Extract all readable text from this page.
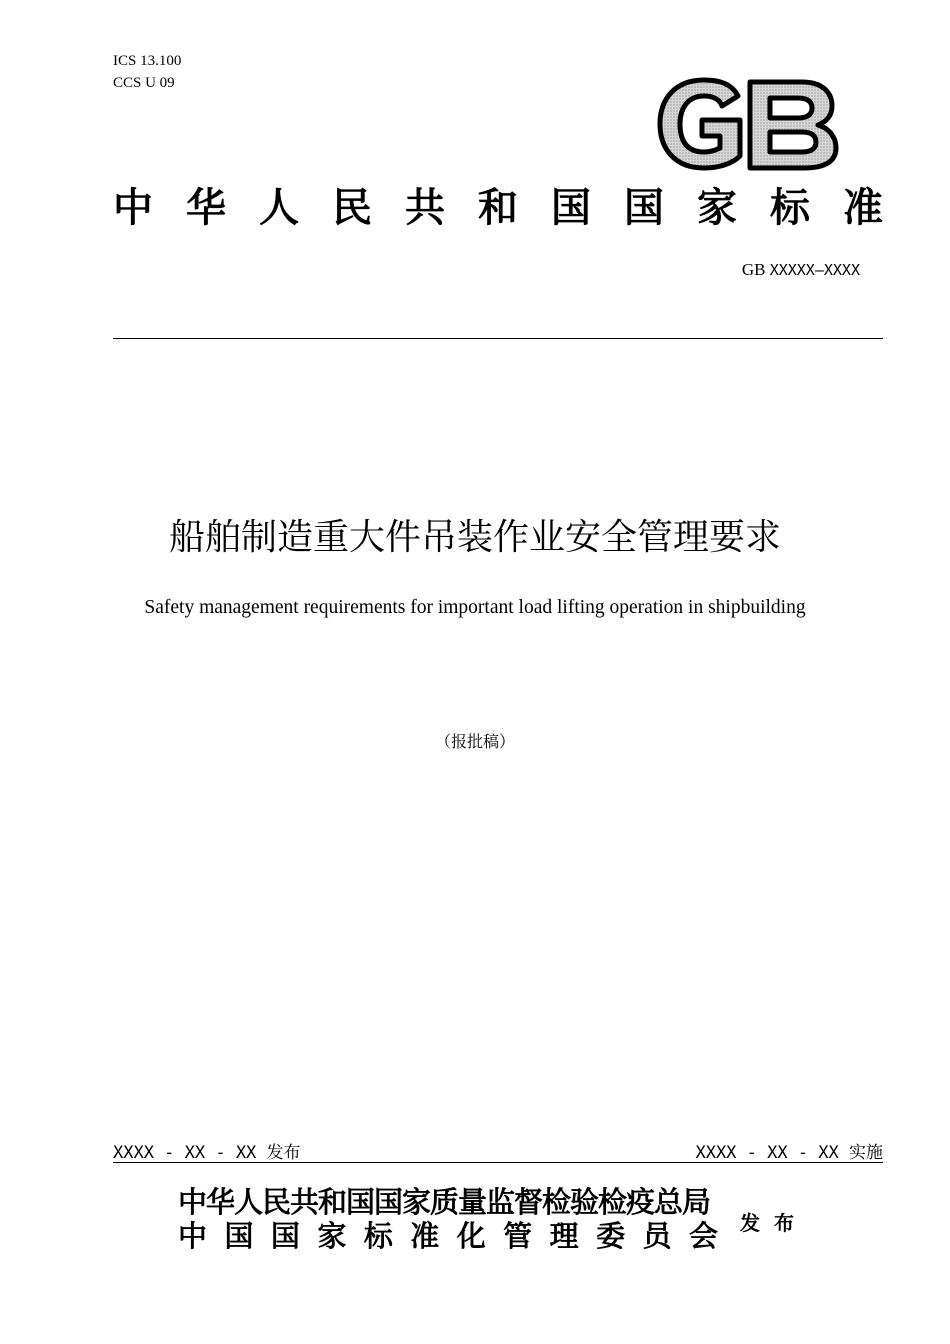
ICS 13.100
CCS U 09
中 华 人 民 共 和 国 国 家 标 准
GB XXXXX—XXXX
船舶制造重大件吊装作业安全管理要求
Safety management requirements for important load lifting operation in shipbuilding
（报批稿）
XXXX - XX - XX 发布	XXXX - XX - XX 实施
中华人民共和国国家质量监督检验检疫总局
中 国 国 家 标 准 化 管 理 委 员 会 发布
